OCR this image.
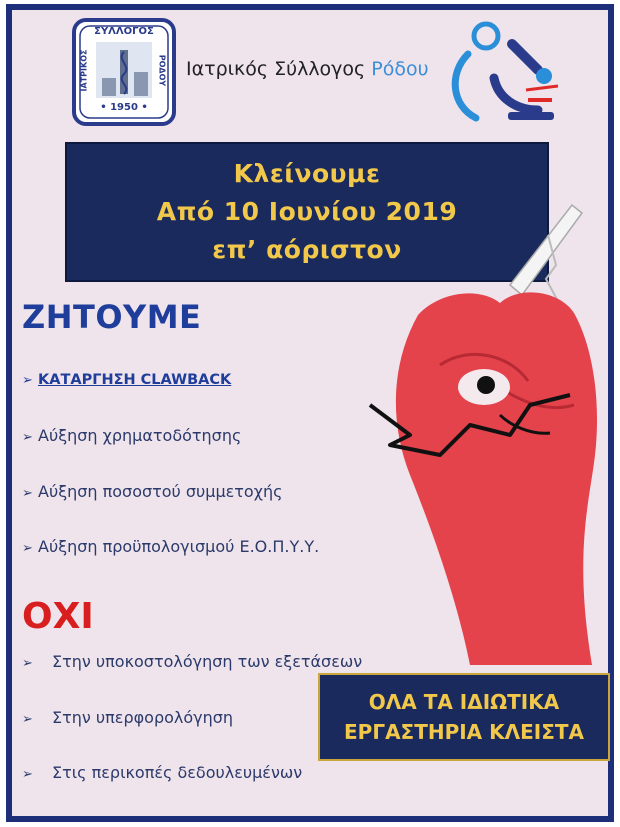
ΣΥΛΛΟΓΟΣ
ΙΑΤΡΙΚΟΣ	ΡΟΔΟΥ
• 1950 •
Ιατρικός Σύλλογος Ρόδου
Κλείνουμε
Από 10 Ιουνίου 2019
επ’ αόριστον
ΖΗΤΟΥΜΕ
➢ ΚΑΤΑΡΓΗΣΗ CLAWBACK
➢ Αύξηση χρηματοδότησης
➢ Αύξηση ποσοστού συμμετοχής
➢ Αύξηση προϋπολογισμού Ε.Ο.Π.Υ.Υ.
ΟΧΙ
➢ Στην υποκοστολόγηση των εξετάσεων
➢ Στην υπερφορολόγηση
➢ Στις περικοπές δεδουλευμένων
ΟΛΑ ΤΑ ΙΔΙΩΤΙΚΑ
ΕΡΓΑΣΤΗΡΙΑ ΚΛΕΙΣΤΑ
